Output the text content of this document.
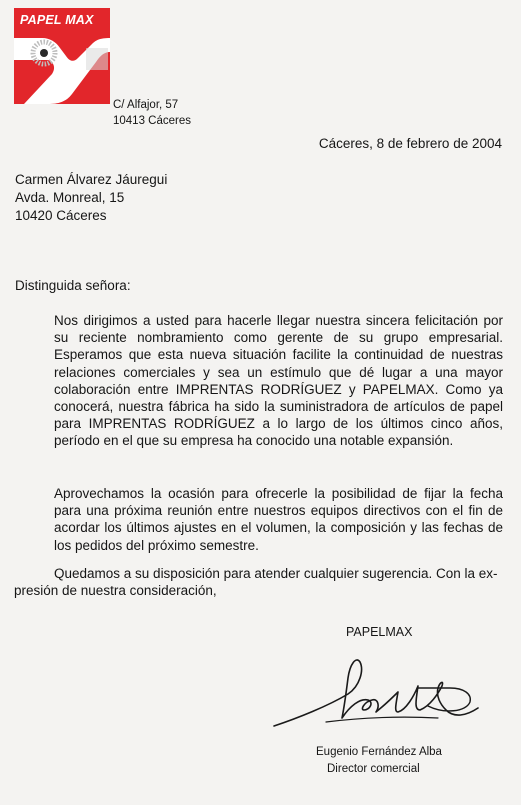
PAPEL MAX
C/ Alfajor, 57
10413 Cáceres
Cáceres, 8 de febrero de 2004
Carmen Álvarez Jáuregui
Avda. Monreal, 15
10420 Cáceres
Distinguida señora:

Nos dirigimos a usted para hacerle llegar nuestra sincera felicitación por su reciente nombramiento como gerente de su grupo empresarial. Esperamos que esta nueva situación facilite la continuidad de nuestras relaciones comerciales y sea un estímulo que dé lugar a una mayor colaboración entre IMPRENTAS RODRÍGUEZ y PAPELMAX. Como ya conocerá, nuestra fábrica ha sido la suministradora de artículos de papel para IMPRENTAS RODRÍGUEZ a lo largo de los últimos cinco años, período en el que su empresa ha conocido una notable expansión.

Aprovechamos la ocasión para ofrecerle la posibilidad de fijar la fecha para una próxima reunión entre nuestros equipos directivos con el fin de acordar los últimos ajustes en el volumen, la composición y las fechas de los pedidos del próximo semestre.

Quedamos a su disposición para atender cualquier sugerencia. Con la ex-
presión de nuestra consideración,
PAPELMAX
Eugenio Fernández Alba
Director comercial
